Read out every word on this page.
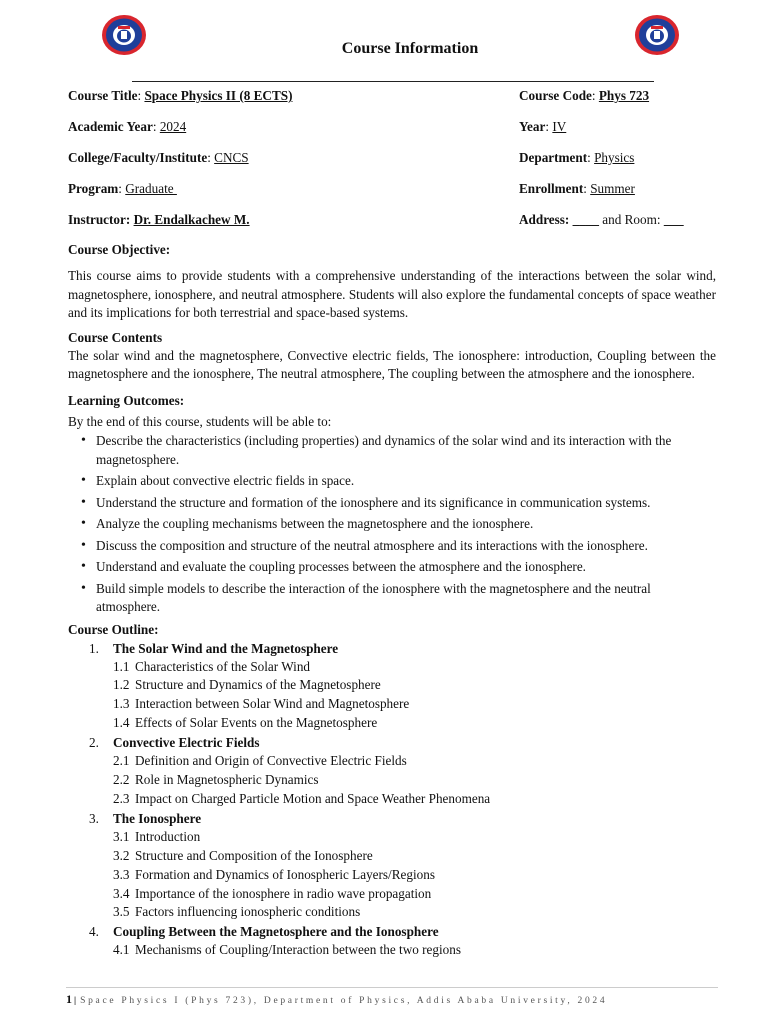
Course Information
Course Title: Space Physics II (8 ECTS)	Course Code: Phys 723
Academic Year: 2024	Year: IV
College/Faculty/Institute: CNCS	Department: Physics
Program: Graduate	Enrollment: Summer
Instructor: Dr. Endalkachew M.	Address: ____ and Room: ___
Course Objective:

This course aims to provide students with a comprehensive understanding of the interactions between the solar wind, magnetosphere, ionosphere, and neutral atmosphere. Students will also explore the fundamental concepts of space weather and its implications for both terrestrial and space-based systems.

Course Contents

The solar wind and the magnetosphere, Convective electric fields, The ionosphere: introduction, Coupling between the magnetosphere and the ionosphere, The neutral atmosphere, The coupling between the atmosphere and the ionosphere.

Learning Outcomes:

By the end of this course, students will be able to:

• Describe the characteristics (including properties) and dynamics of the solar wind and its interaction with the magnetosphere.
• Explain about convective electric fields in space.
• Understand the structure and formation of the ionosphere and its significance in communication systems.
• Analyze the coupling mechanisms between the magnetosphere and the ionosphere.
• Discuss the composition and structure of the neutral atmosphere and its interactions with the ionosphere.
• Understand and evaluate the coupling processes between the atmosphere and the ionosphere.
• Build simple models to describe the interaction of the ionosphere with the magnetosphere and the neutral atmosphere.
Course Outline:
1. The Solar Wind and the Magnetosphere
1.1 Characteristics of the Solar Wind
1.2 Structure and Dynamics of the Magnetosphere
1.3 Interaction between Solar Wind and Magnetosphere
1.4 Effects of Solar Events on the Magnetosphere
2. Convective Electric Fields
2.1 Definition and Origin of Convective Electric Fields
2.2 Role in Magnetospheric Dynamics
2.3 Impact on Charged Particle Motion and Space Weather Phenomena
3. The Ionosphere
3.1 Introduction
3.2 Structure and Composition of the Ionosphere
3.3 Formation and Dynamics of Ionospheric Layers/Regions
3.4 Importance of the ionosphere in radio wave propagation
3.5 Factors influencing ionospheric conditions
4. Coupling Between the Magnetosphere and the Ionosphere
4.1 Mechanisms of Coupling/Interaction between the two regions
1 | Space Physics I (Phys 723), Department of Physics, Addis Ababa University, 2024
